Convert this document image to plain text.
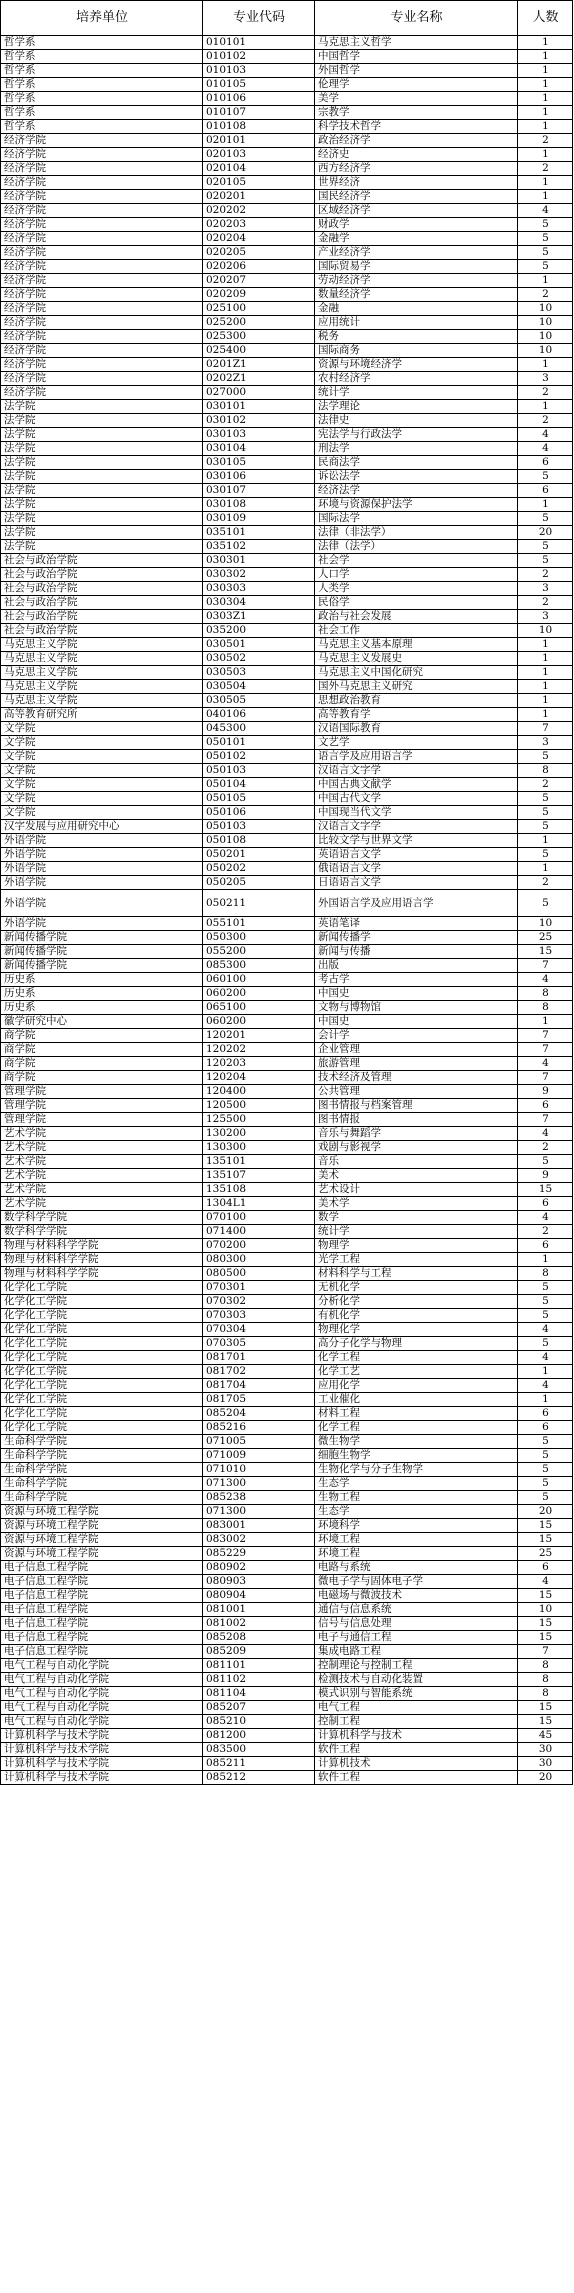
培养单位	专业代码	专业名称	人数
哲学系	010101	马克思主义哲学	1
哲学系	010102	中国哲学	1
哲学系	010103	外国哲学	1
哲学系	010105	伦理学	1
哲学系	010106	美学	1
哲学系	010107	宗教学	1
哲学系	010108	科学技术哲学	1
经济学院	020101	政治经济学	2
经济学院	020103	经济史	1
经济学院	020104	西方经济学	2
经济学院	020105	世界经济	1
经济学院	020201	国民经济学	1
经济学院	020202	区域经济学	4
经济学院	020203	财政学	5
经济学院	020204	金融学	5
经济学院	020205	产业经济学	5
经济学院	020206	国际贸易学	5
经济学院	020207	劳动经济学	1
经济学院	020209	数量经济学	2
经济学院	025100	金融	10
经济学院	025200	应用统计	10
经济学院	025300	税务	10
经济学院	025400	国际商务	10
经济学院	0201Z1	资源与环境经济学	1
经济学院	0202Z1	农村经济学	3
经济学院	027000	统计学	2
法学院	030101	法学理论	1
法学院	030102	法律史	2
法学院	030103	宪法学与行政法学	4
法学院	030104	刑法学	4
法学院	030105	民商法学	6
法学院	030106	诉讼法学	5
法学院	030107	经济法学	6
法学院	030108	环境与资源保护法学	1
法学院	030109	国际法学	5
法学院	035101	法律（非法学）	20
法学院	035102	法律（法学）	5
社会与政治学院	030301	社会学	5
社会与政治学院	030302	人口学	2
社会与政治学院	030303	人类学	3
社会与政治学院	030304	民俗学	2
社会与政治学院	0303Z1	政治与社会发展	3
社会与政治学院	035200	社会工作	10
马克思主义学院	030501	马克思主义基本原理	1
马克思主义学院	030502	马克思主义发展史	1
马克思主义学院	030503	马克思主义中国化研究	1
马克思主义学院	030504	国外马克思主义研究	1
马克思主义学院	030505	思想政治教育	1
高等教育研究所	040106	高等教育学	1
文学院	045300	汉语国际教育	7
文学院	050101	文艺学	3
文学院	050102	语言学及应用语言学	5
文学院	050103	汉语言文字学	8
文学院	050104	中国古典文献学	2
文学院	050105	中国古代文学	5
文学院	050106	中国现当代文学	5
汉字发展与应用研究中心	050103	汉语言文字学	5
外语学院	050108	比较文学与世界文学	1
外语学院	050201	英语语言文学	5
外语学院	050202	俄语语言文学	1
外语学院	050205	日语语言文学	2
外语学院	050211	外国语言学及应用语言学	5
外语学院	055101	英语笔译	10
新闻传播学院	050300	新闻传播学	25
新闻传播学院	055200	新闻与传播	15
新闻传播学院	085300	出版	7
历史系	060100	考古学	4
历史系	060200	中国史	8
历史系	065100	文物与博物馆	8
徽学研究中心	060200	中国史	1
商学院	120201	会计学	7
商学院	120202	企业管理	7
商学院	120203	旅游管理	4
商学院	120204	技术经济及管理	7
管理学院	120400	公共管理	9
管理学院	120500	图书情报与档案管理	6
管理学院	125500	图书情报	7
艺术学院	130200	音乐与舞蹈学	4
艺术学院	130300	戏剧与影视学	2
艺术学院	135101	音乐	5
艺术学院	135107	美术	9
艺术学院	135108	艺术设计	15
艺术学院	1304L1	美术学	6
数学科学学院	070100	数学	4
数学科学学院	071400	统计学	2
物理与材料科学学院	070200	物理学	6
物理与材料科学学院	080300	光学工程	1
物理与材料科学学院	080500	材料科学与工程	8
化学化工学院	070301	无机化学	5
化学化工学院	070302	分析化学	5
化学化工学院	070303	有机化学	5
化学化工学院	070304	物理化学	4
化学化工学院	070305	高分子化学与物理	5
化学化工学院	081701	化学工程	4
化学化工学院	081702	化学工艺	1
化学化工学院	081704	应用化学	4
化学化工学院	081705	工业催化	1
化学化工学院	085204	材料工程	6
化学化工学院	085216	化学工程	6
生命科学学院	071005	微生物学	5
生命科学学院	071009	细胞生物学	5
生命科学学院	071010	生物化学与分子生物学	5
生命科学学院	071300	生态学	5
生命科学学院	085238	生物工程	5
资源与环境工程学院	071300	生态学	20
资源与环境工程学院	083001	环境科学	15
资源与环境工程学院	083002	环境工程	15
资源与环境工程学院	085229	环境工程	25
电子信息工程学院	080902	电路与系统	6
电子信息工程学院	080903	微电子学与固体电子学	4
电子信息工程学院	080904	电磁场与微波技术	15
电子信息工程学院	081001	通信与信息系统	10
电子信息工程学院	081002	信号与信息处理	15
电子信息工程学院	085208	电子与通信工程	15
电子信息工程学院	085209	集成电路工程	7
电气工程与自动化学院	081101	控制理论与控制工程	8
电气工程与自动化学院	081102	检测技术与自动化装置	8
电气工程与自动化学院	081104	模式识别与智能系统	8
电气工程与自动化学院	085207	电气工程	15
电气工程与自动化学院	085210	控制工程	15
计算机科学与技术学院	081200	计算机科学与技术	45
计算机科学与技术学院	083500	软件工程	30
计算机科学与技术学院	085211	计算机技术	30
计算机科学与技术学院	085212	软件工程	20
